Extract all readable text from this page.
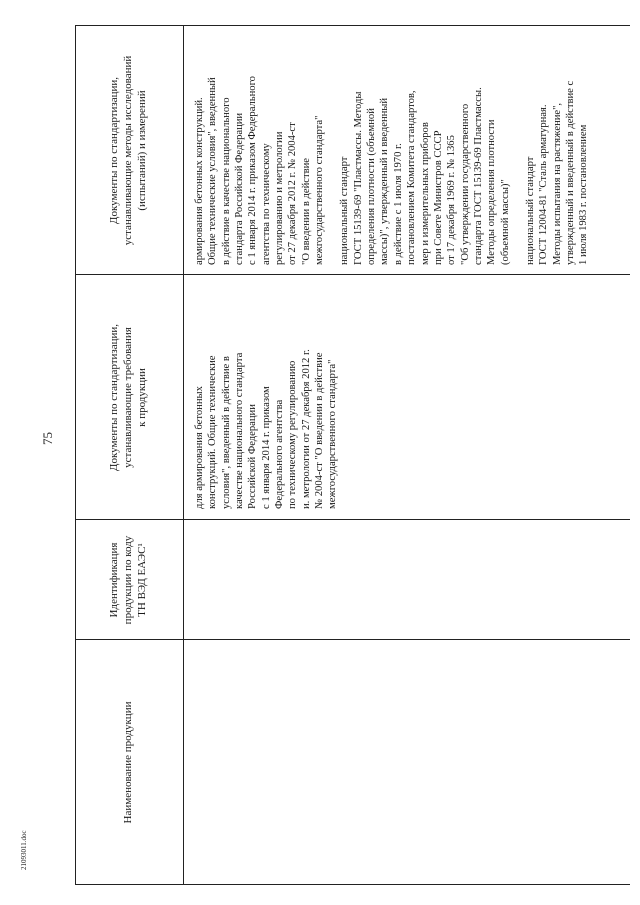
75
21093011.doc
Наименование продукции
Идентификация продукции по коду ТН ВЭД ЕАЭС¹
Документы по стандартизации, устанавливающие требования к продукции
Документы по стандартизации, устанавливающие методы исследований (испытаний) и измерений
для армирования бетонных конструкций. Общие технические условия", введенный в действие в качестве национального стандарта Российской Федерации с 1 января 2014 г. приказом Федерального агентства по техническому регулированию и. метрологии от 27 декабря 2012 г. № 2004-ст "О введении в действие межгосударственного стандарта"
армирования бетонных конструкций. Общие технические условия", введенный в действие в качестве национального стандарта Российской Федерации с 1 января 2014 г. приказом Федерального агентства по техническому регулированию и метрологии от 27 декабря 2012 г. № 2004-ст "О введении в действие межгосударственного стандарта" национальный стандарт ГОСТ 15139-69 "Пластмассы. Методы определения плотности (объемной массы)", утвержденный и введенный в действие с 1 июля 1970 г. постановлением Комитета стандартов, мер и измерительных приборов при Совете Министров СССР от 17 декабря 1969 г. № 1365 "Об утверждении государственного стандарта ГОСТ 15139-69 Пластмассы. Методы определения плотности (объемной массы)" национальный стандарт ГОСТ 12004-81 "Сталь арматурная. Методы испытания на растяжение", утвержденный и введенный в действие с 1 июля 1983 г. постановлением
